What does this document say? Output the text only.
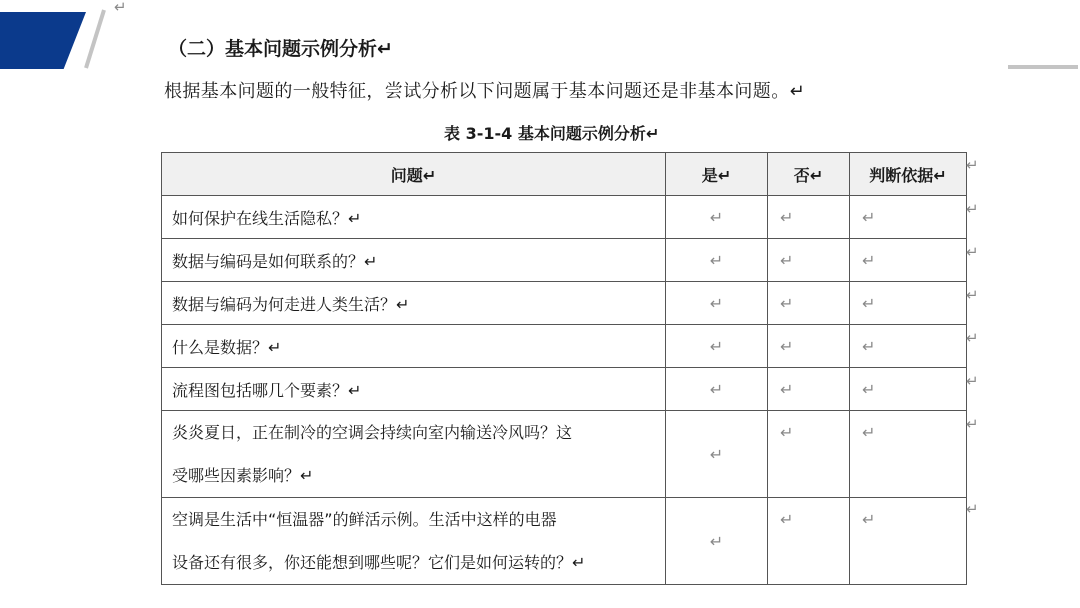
↵
（二）基本问题示例分析↵
根据基本问题的一般特征，尝试分析以下问题属于基本问题还是非基本问题。↵
表 3-1-4 基本问题示例分析↵
问题↵	是↵	否↵	判断依据↵
如何保护在线生活隐私？↵	↵	↵	↵
数据与编码是如何联系的？↵	↵	↵	↵
数据与编码为何走进人类生活？↵	↵	↵	↵
什么是数据？↵	↵	↵	↵
流程图包括哪几个要素？↵	↵	↵	↵

炎炎夏日，正在制冷的空调会持续向室内输送冷风吗？这
受哪些因素影响？↵	↵	↵	↵

空调是生活中“恒温器”的鲜活示例。生活中这样的电器
设备还有很多，你还能想到哪些呢？它们是如何运转的？↵	↵	↵	↵
↵
↵
↵
↵
↵
↵
↵
↵
